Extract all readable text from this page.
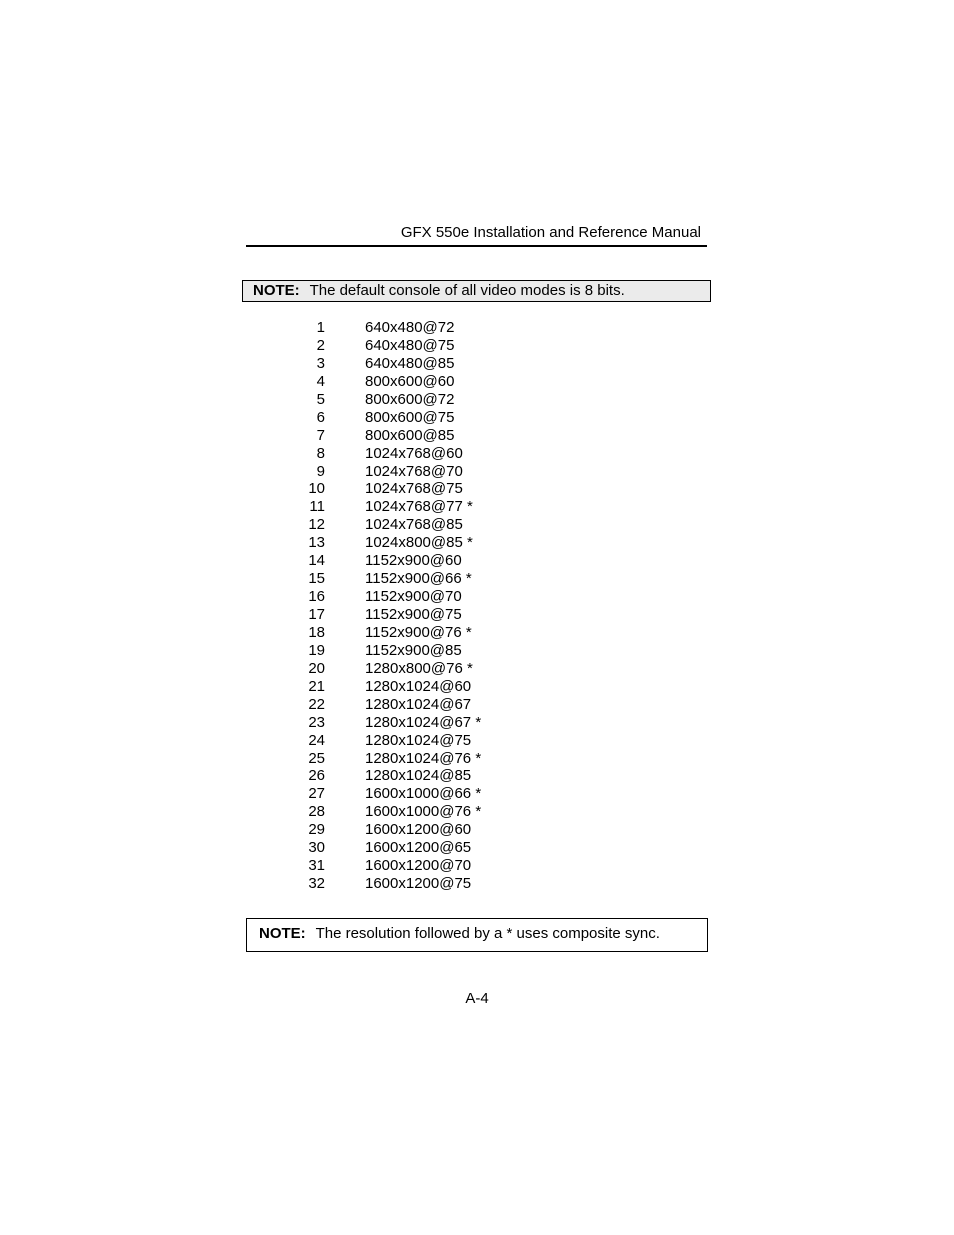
GFX 550e Installation and Reference Manual
NOTE: The default console of all video modes is 8 bits.
1	640x480@72
2	640x480@75
3	640x480@85
4	800x600@60
5	800x600@72
6	800x600@75
7	800x600@85
8	1024x768@60
9	1024x768@70
10	1024x768@75
11	1024x768@77 *
12	1024x768@85
13	1024x800@85 *
14	1152x900@60
15	1152x900@66 *
16	1152x900@70
17	1152x900@75
18	1152x900@76 *
19	1152x900@85
20	1280x800@76 *
21	1280x1024@60
22	1280x1024@67
23	1280x1024@67 *
24	1280x1024@75
25	1280x1024@76 *
26	1280x1024@85
27	1600x1000@66 *
28	1600x1000@76 *
29	1600x1200@60
30	1600x1200@65
31	1600x1200@70
32	1600x1200@75
NOTE: The resolution followed by a * uses composite sync.
A-4
